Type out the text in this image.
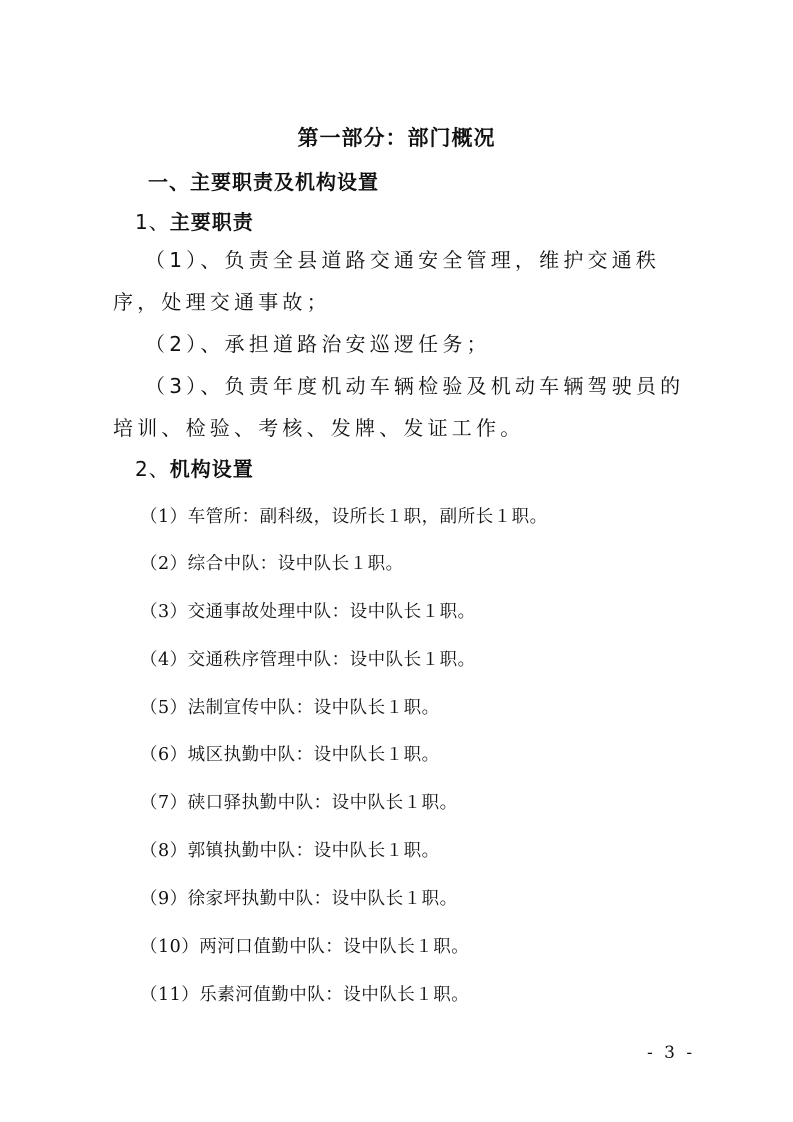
第一部分：部门概况
一、主要职责及机构设置
1、主要职责
（1）、负责全县道路交通安全管理，维护交通秩序，处理交通事故；
（2）、承担道路治安巡逻任务；
（3）、负责年度机动车辆检验及机动车辆驾驶员的培训、检验、考核、发牌、发证工作。
2、机构设置
（1）车管所：副科级，设所长１职，副所长１职。
（2）综合中队：设中队长１职。
（3）交通事故处理中队：设中队长１职。
（4）交通秩序管理中队：设中队长１职。
（5）法制宣传中队：设中队长１职。
（6）城区执勤中队：设中队长１职。
（7）硖口驿执勤中队：设中队长１职。
（8）郭镇执勤中队：设中队长１职。
（9）徐家坪执勤中队：设中队长１职。
（10）两河口值勤中队：设中队长１职。
（11）乐素河值勤中队：设中队长１职。
- 3 -
